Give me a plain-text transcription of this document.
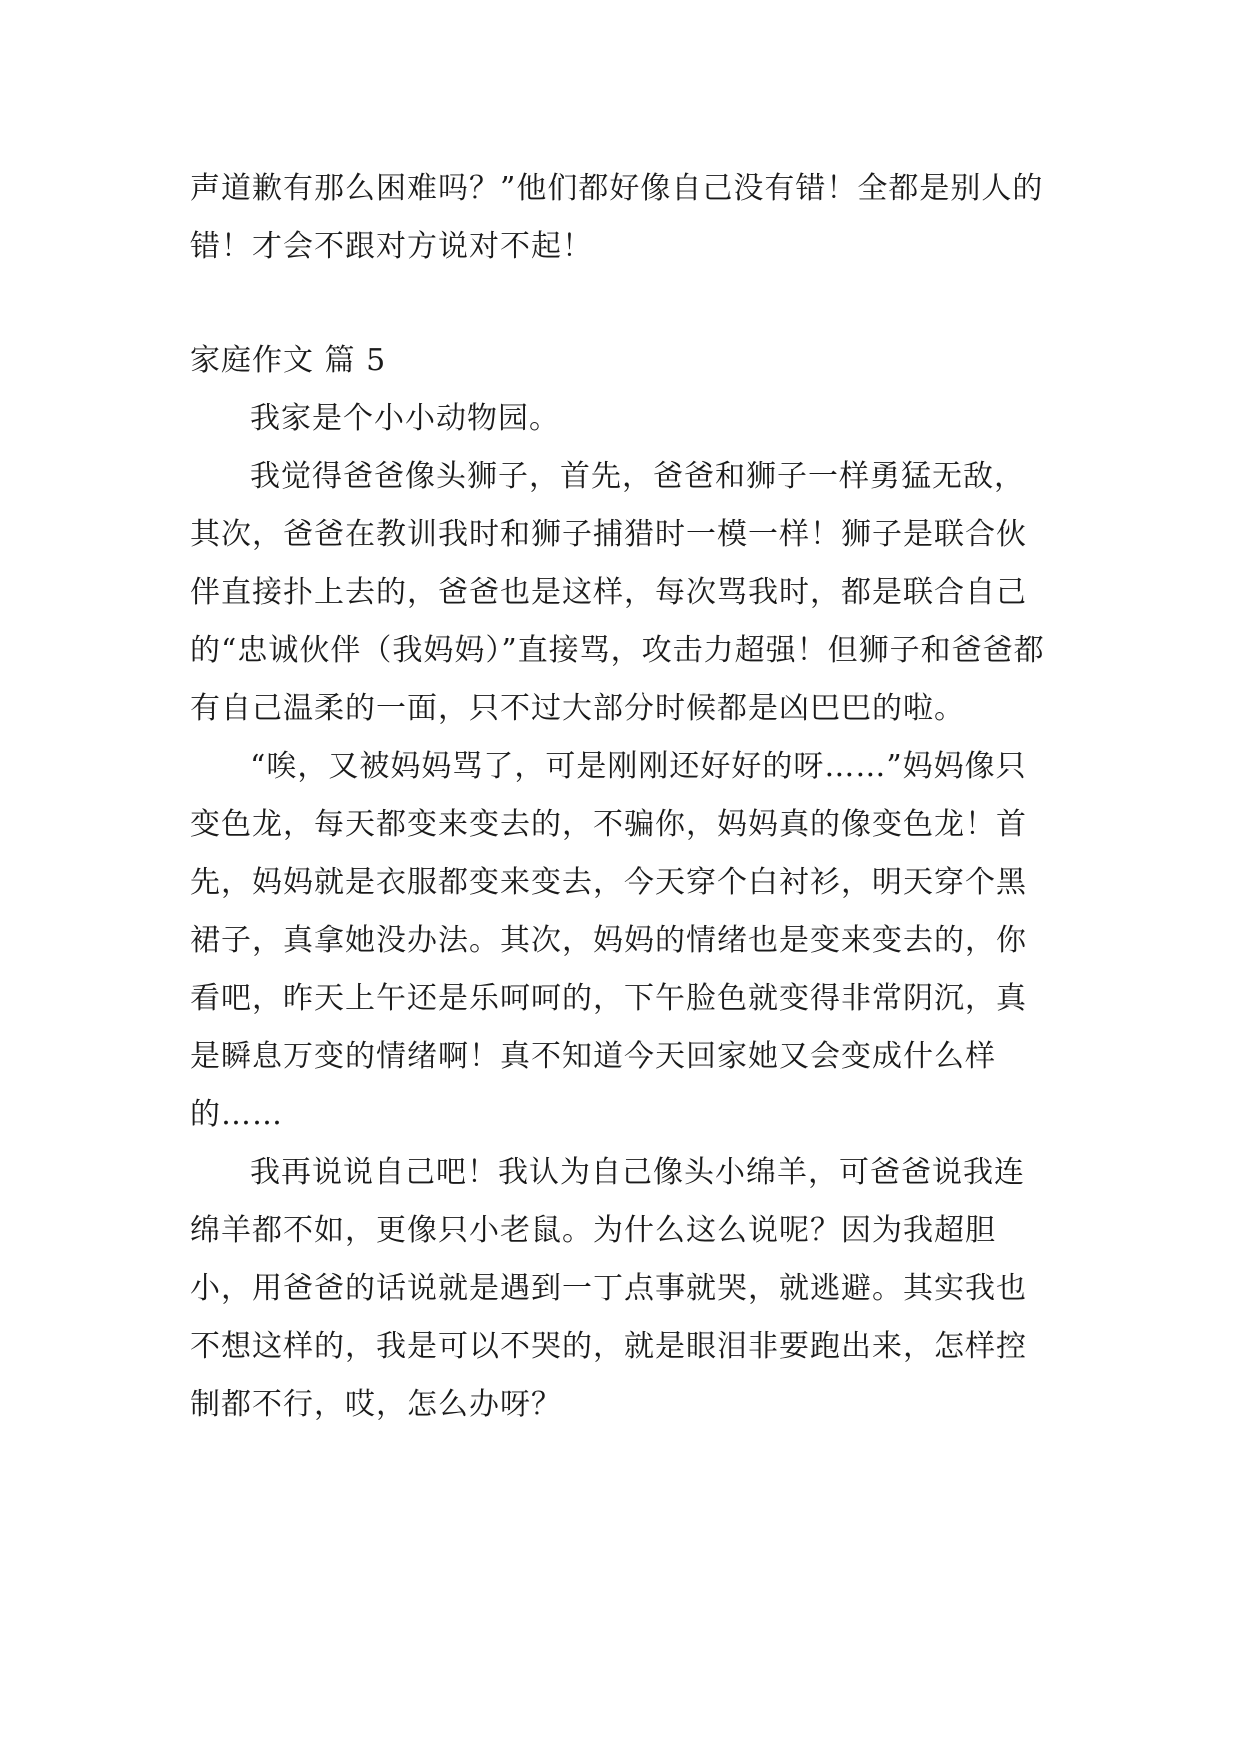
声道歉有那么困难吗？”他们都好像自己没有错！全都是别人的错！才会不跟对方说对不起！

家庭作文 篇 5

我家是个小小动物园。

我觉得爸爸像头狮子，首先，爸爸和狮子一样勇猛无敌，其次，爸爸在教训我时和狮子捕猎时一模一样！狮子是联合伙伴直接扑上去的，爸爸也是这样，每次骂我时，都是联合自己的“忠诚伙伴（我妈妈）”直接骂，攻击力超强！但狮子和爸爸都有自己温柔的一面，只不过大部分时候都是凶巴巴的啦。

“唉，又被妈妈骂了，可是刚刚还好好的呀……”妈妈像只变色龙，每天都变来变去的，不骗你，妈妈真的像变色龙！首先，妈妈就是衣服都变来变去，今天穿个白衬衫，明天穿个黑裙子，真拿她没办法。其次，妈妈的情绪也是变来变去的，你看吧，昨天上午还是乐呵呵的，下午脸色就变得非常阴沉，真是瞬息万变的情绪啊！真不知道今天回家她又会变成什么样的……

我再说说自己吧！我认为自己像头小绵羊，可爸爸说我连绵羊都不如，更像只小老鼠。为什么这么说呢？因为我超胆小，用爸爸的话说就是遇到一丁点事就哭，就逃避。其实我也不想这样的，我是可以不哭的，就是眼泪非要跑出来，怎样控制都不行，哎，怎么办呀？
